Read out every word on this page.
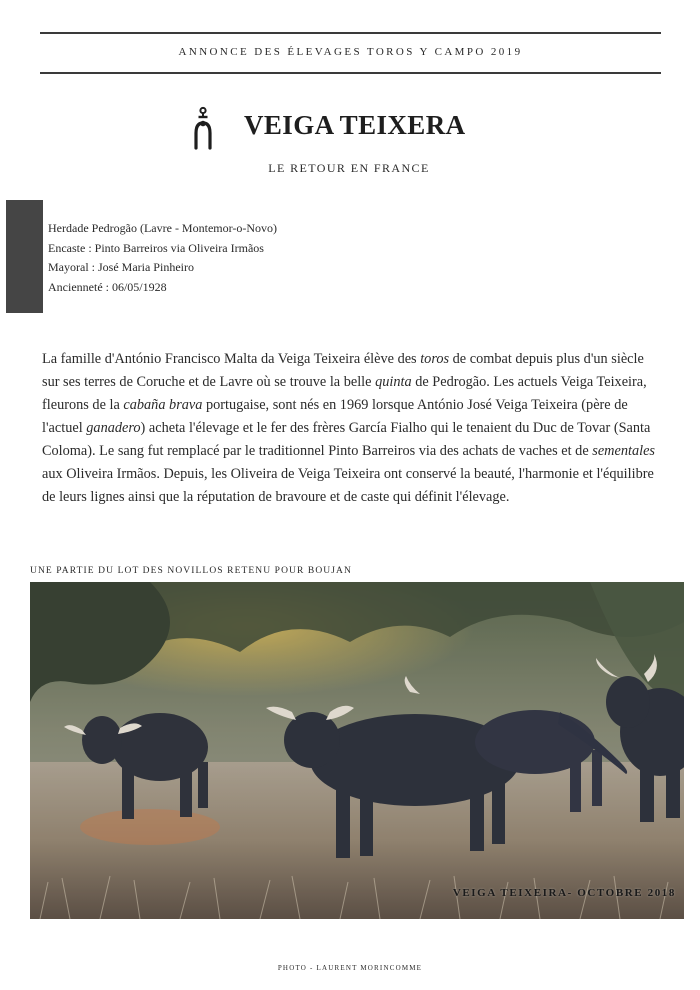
ANNONCE DES ÉLEVAGES TOROS Y CAMPO 2019
VEIGA TEIXERA
LE RETOUR EN FRANCE
Herdade Pedrogão (Lavre - Montemor-o-Novo)
Encaste : Pinto Barreiros via Oliveira Irmãos
Mayoral : José Maria Pinheiro
Ancienneté : 06/05/1928
La famille d'António Francisco Malta da Veiga Teixeira élève des toros de combat depuis plus d'un siècle sur ses terres de Coruche et de Lavre où se trouve la belle quinta de Pedrogão. Les actuels Veiga Teixeira, fleurons de la cabaña brava portugaise, sont nés en 1969 lorsque António José Veiga Teixeira (père de l'actuel ganadero) acheta l'élevage et le fer des frères García Fialho qui le tenaient du Duc de Tovar (Santa Coloma). Le sang fut remplacé par le traditionnel Pinto Barreiros via des achats de vaches et de sementales aux Oliveira Irmãos. Depuis, les Oliveira de Veiga Teixeira ont conservé la beauté, l'harmonie et l'équilibre de leurs lignes ainsi que la réputation de bravoure et de caste qui définit l'élevage.
UNE PARTIE DU LOT DES NOVILLOS RETENU POUR BOUJAN
VEIGA TEIXEIRA- OCTOBRE 2018
PHOTO - LAURENT MORINCOMME
